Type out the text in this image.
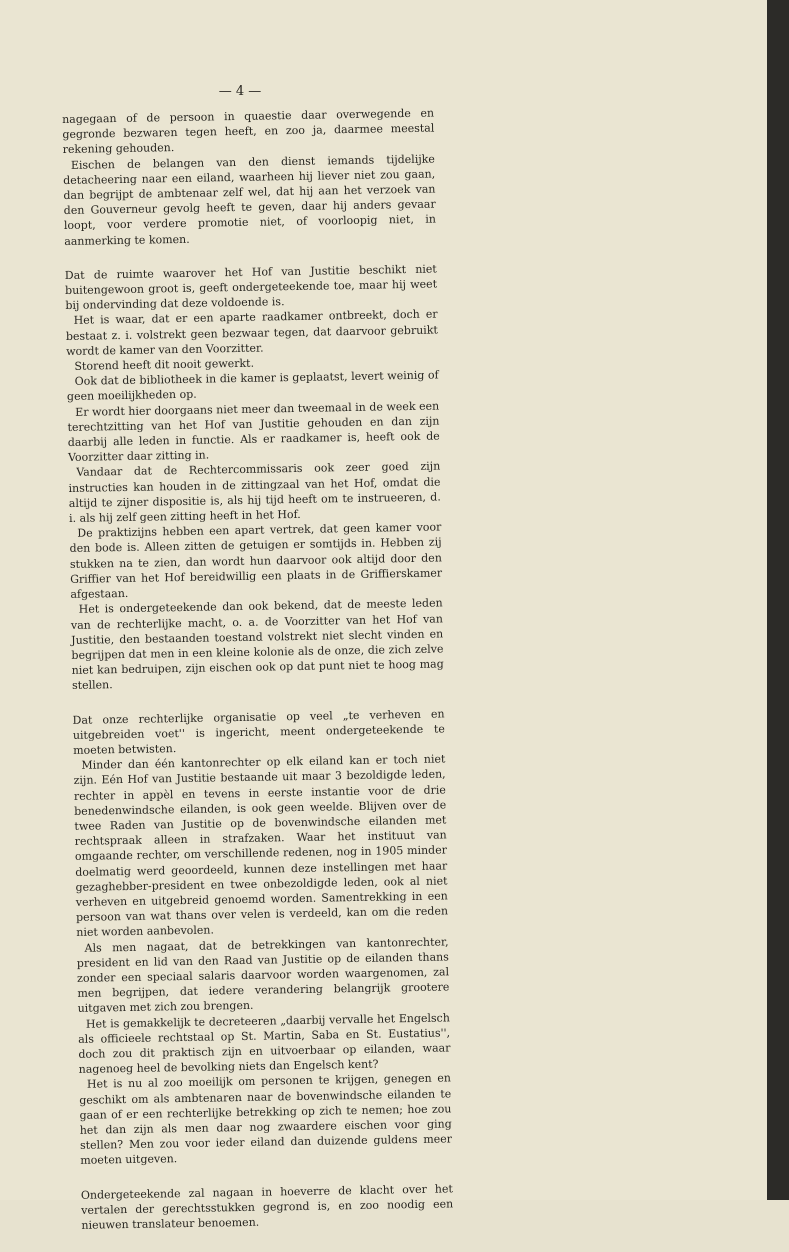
— 4 —

nagegaan of de persoon in quaestie daar overwegende en gegronde bezwaren tegen heeft, en zoo ja, daarmee meestal rekening gehouden.

Eischen de belangen van den dienst iemands tijdelijke detacheering naar een eiland, waarheen hij liever niet zou gaan, dan begrijpt de ambtenaar zelf wel, dat hij aan het verzoek van den Gouverneur gevolg heeft te geven, daar hij anders gevaar loopt, voor verdere promotie niet, of voorloopig niet, in aanmerking te komen.

Dat de ruimte waarover het Hof van Justitie beschikt niet buitengewoon groot is, geeft ondergeteekende toe, maar hij weet bij ondervinding dat deze voldoende is.

Het is waar, dat er een aparte raadkamer ontbreekt, doch er bestaat z. i. volstrekt geen bezwaar tegen, dat daarvoor gebruikt wordt de kamer van den Voorzitter.

Storend heeft dit nooit gewerkt.

Ook dat de bibliotheek in die kamer is geplaatst, levert weinig of geen moeilijkheden op.

Er wordt hier doorgaans niet meer dan tweemaal in de week een terechtzitting van het Hof van Justitie gehouden en dan zijn daarbij alle leden in functie. Als er raadkamer is, heeft ook de Voorzitter daar zitting in.

Vandaar dat de Rechtercommissaris ook zeer goed zijn instructies kan houden in de zittingzaal van het Hof, omdat die altijd te zijner dispositie is, als hij tijd heeft om te instrueeren, d. i. als hij zelf geen zitting heeft in het Hof.

De praktizijns hebben een apart vertrek, dat geen kamer voor den bode is. Alleen zitten de getuigen er somtijds in. Hebben zij stukken na te zien, dan wordt hun daarvoor ook altijd door den Griffier van het Hof bereidwillig een plaats in de Griffierskamer afgestaan.

Het is ondergeteekende dan ook bekend, dat de meeste leden van de rechterlijke macht, o. a. de Voorzitter van het Hof van Justitie, den bestaanden toestand volstrekt niet slecht vinden en begrijpen dat men in een kleine kolonie als de onze, die zich zelve niet kan bedruipen, zijn eischen ook op dat punt niet te hoog mag stellen.

Dat onze rechterlijke organisatie op veel „te verheven en uitgebreiden voet'' is ingericht, meent ondergeteekende te moeten betwisten.

Minder dan één kantonrechter op elk eiland kan er toch niet zijn. Eén Hof van Justitie bestaande uit maar 3 bezoldigde leden, rechter in appèl en tevens in eerste instantie voor de drie benedenwindsche eilanden, is ook geen weelde. Blijven over de twee Raden van Justitie op de bovenwindsche eilanden met rechtspraak alleen in strafzaken. Waar het instituut van omgaande rechter, om verschillende redenen, nog in 1905 minder doelmatig werd geoordeeld, kunnen deze instellingen met haar gezaghebber-president en twee onbezoldigde leden, ook al niet verheven en uitgebreid genoemd worden. Samentrekking in een persoon van wat thans over velen is verdeeld, kan om die reden niet worden aanbevolen.

Als men nagaat, dat de betrekkingen van kantonrechter, president en lid van den Raad van Justitie op de eilanden thans zonder een speciaal salaris daarvoor worden waargenomen, zal men begrijpen, dat iedere verandering belangrijk grootere uitgaven met zich zou brengen.

Het is gemakkelijk te decreteeren „daarbij vervalle het Engelsch als officieele rechtstaal op St. Martin, Saba en St. Eustatius'', doch zou dit praktisch zijn en uitvoerbaar op eilanden, waar nagenoeg heel de bevolking niets dan Engelsch kent?

Het is nu al zoo moeilijk om personen te krijgen, genegen en geschikt om als ambtenaren naar de bovenwindsche eilanden te gaan of er een rechterlijke betrekking op zich te nemen; hoe zou het dan zijn als men daar nog zwaardere eischen voor ging stellen? Men zou voor ieder eiland dan duizende guldens meer moeten uitgeven.

Ondergeteekende zal nagaan in hoeverre de klacht over het vertalen der gerechtsstukken gegrond is, en zoo noodig een nieuwen translateur benoemen.
